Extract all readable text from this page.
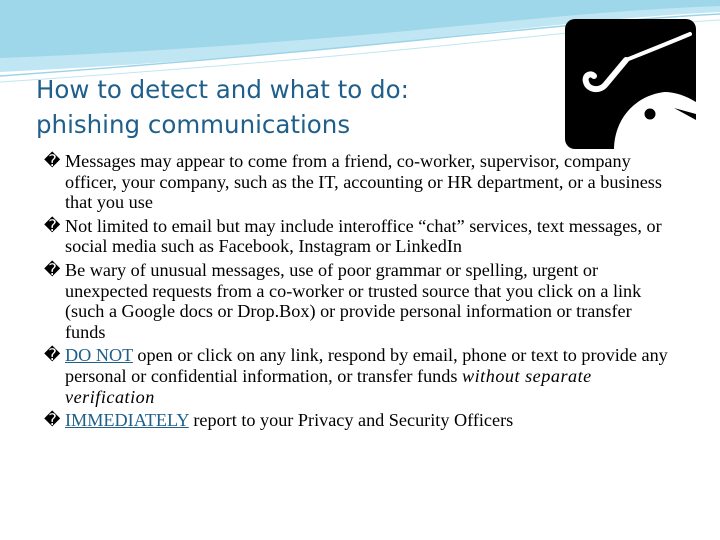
How to detect and what to do:
phishing communications
� Messages may appear to come from a friend, co-worker, supervisor, company officer, your company, such as the IT, accounting or HR department, or a business that you use
� Not limited to email but may include interoffice “chat” services, text messages, or social media such as Facebook, Instagram or LinkedIn
� Be wary of unusual messages, use of poor grammar or spelling, urgent or unexpected requests from a co-worker or trusted source that you click on a link (such a Google docs or Drop.Box) or provide personal information or transfer funds
� DO NOT open or click on any link, respond by email, phone or text to provide any personal or confidential information, or transfer funds without separate verification
� IMMEDIATELY report to your Privacy and Security Officers
